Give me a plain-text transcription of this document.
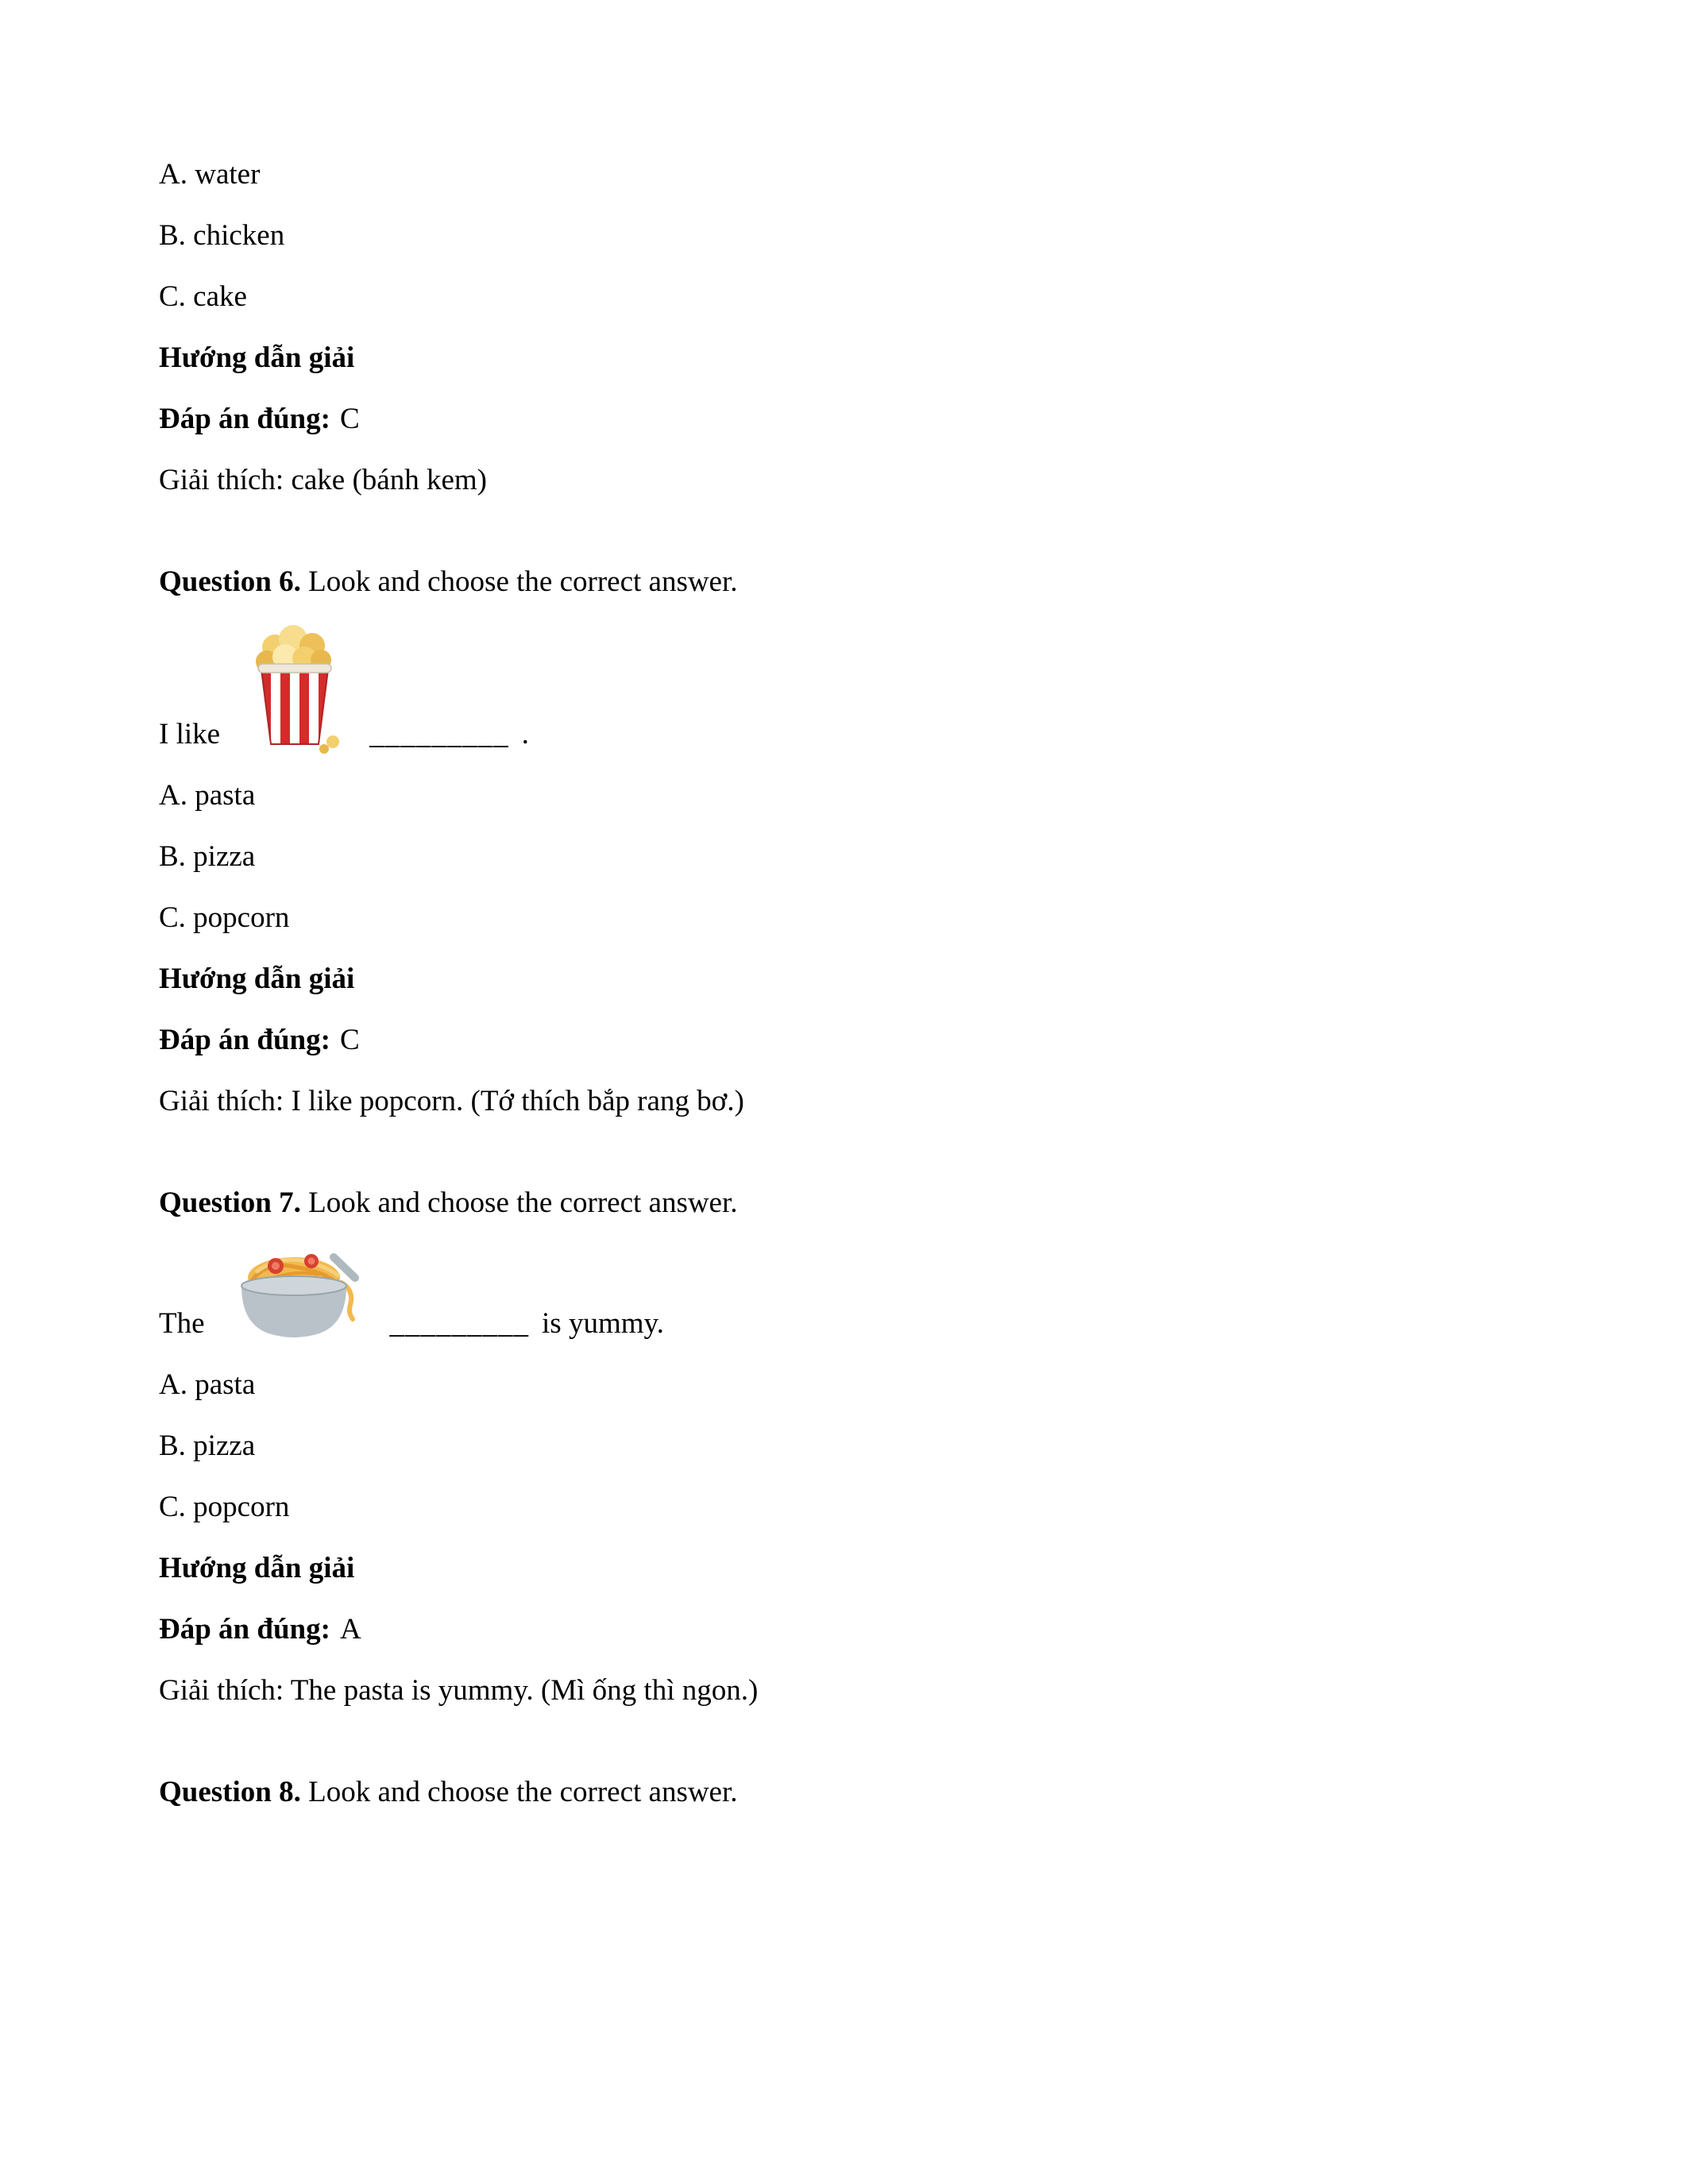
A. water

B. chicken

C. cake

Hướng dẫn giải

Đáp án đúng: C

Giải thích: cake (bánh kem)

Question 6. Look and choose the correct answer.

I like	_________ .

A. pasta

B. pizza

C. popcorn

Hướng dẫn giải

Đáp án đúng: C

Giải thích: I like popcorn. (Tớ thích bắp rang bơ.)

Question 7. Look and choose the correct answer.

The	_________ is yummy.

A. pasta

B. pizza

C. popcorn

Hướng dẫn giải

Đáp án đúng: A

Giải thích: The pasta is yummy. (Mì ống thì ngon.)

Question 8. Look and choose the correct answer.
